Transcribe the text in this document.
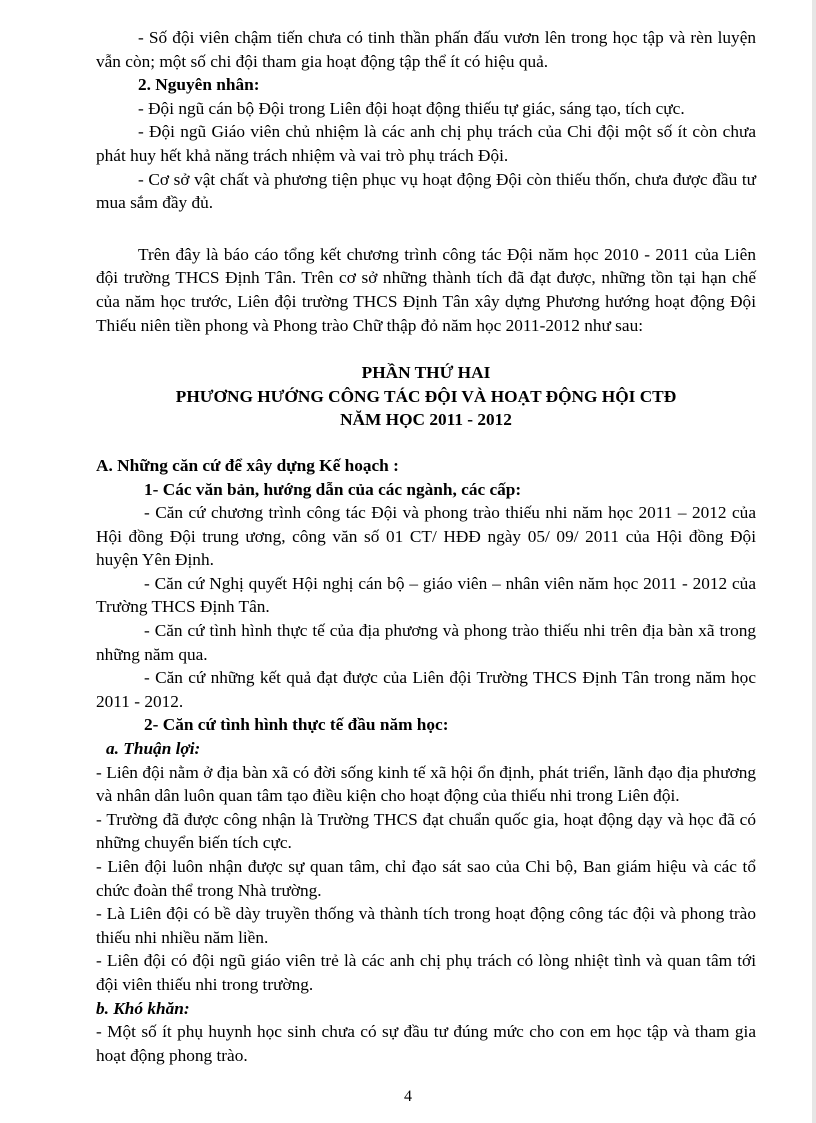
- Số đội viên chậm tiến chưa có tinh thần phấn đấu vươn lên trong học tập và rèn luyện vẫn còn; một số chi đội tham gia hoạt động tập thể ít có hiệu quả.

2. Nguyên nhân:

- Đội ngũ cán bộ Đội trong Liên đội hoạt động thiếu tự giác, sáng tạo, tích cực.

- Đội ngũ Giáo viên chủ nhiệm là các anh chị phụ trách của Chi đội một số ít còn chưa phát huy hết khả năng trách nhiệm và vai trò phụ trách Đội.

- Cơ sở vật chất và phương tiện phục vụ hoạt động Đội còn thiếu thốn, chưa được đầu tư mua sắm đầy đủ.

Trên đây là báo cáo tổng kết chương trình công tác Đội năm học 2010 - 2011 của Liên đội trường THCS Định Tân. Trên cơ sở những thành tích đã đạt được, những tồn tại hạn chế của năm học trước, Liên đội trường THCS Định Tân xây dựng Phương hướng hoạt động Đội Thiếu niên tiền phong và Phong trào Chữ thập đỏ năm học 2011-2012 như sau:

PHẦN THỨ HAI

PHƯƠNG HƯỚNG CÔNG TÁC ĐỘI VÀ HOẠT ĐỘNG HỘI CTĐ

NĂM HỌC 2011 - 2012

A. Những căn cứ để xây dựng Kế hoạch :

1- Các văn bản, hướng dẫn của các ngành, các cấp:

- Căn cứ chương trình công tác Đội và phong trào thiếu nhi năm học 2011 – 2012 của Hội đồng Đội trung ương, công văn số 01 CT/ HĐĐ ngày 05/ 09/ 2011 của Hội đồng Đội huyện Yên Định.

- Căn cứ Nghị quyết Hội nghị cán bộ – giáo viên – nhân viên năm học 2011 - 2012 của Trường THCS Định Tân.

- Căn cứ tình hình thực tế của địa phương và phong trào thiếu nhi trên địa bàn xã trong những năm qua.

- Căn cứ những kết quả đạt được của Liên đội Trường THCS Định Tân trong năm học 2011 - 2012.

2- Căn cứ tình hình thực tế đầu năm học:

a. Thuận lợi:

- Liên đội nằm ở địa bàn xã có đời sống kinh tế xã hội ổn định, phát triển, lãnh đạo địa phương và nhân dân luôn quan tâm tạo điều kiện cho hoạt động của thiếu nhi trong Liên đội.

- Trường đã được công nhận là Trường THCS đạt chuẩn quốc gia, hoạt động dạy và học đã có những chuyển biến tích cực.

- Liên đội luôn nhận được sự quan tâm, chỉ đạo sát sao của Chi bộ, Ban giám hiệu và các tổ chức đoàn thể trong Nhà trường.

- Là Liên đội có bề dày truyền thống và thành tích trong hoạt động công tác đội và phong trào thiếu nhi nhiều năm liền.

- Liên đội có đội ngũ giáo viên trẻ là các anh chị phụ trách có lòng nhiệt tình và quan tâm tới đội viên thiếu nhi trong trường.

b. Khó khăn:

- Một số ít phụ huynh học sinh chưa có sự đầu tư đúng mức cho con em học tập và tham gia hoạt động phong trào.

4
